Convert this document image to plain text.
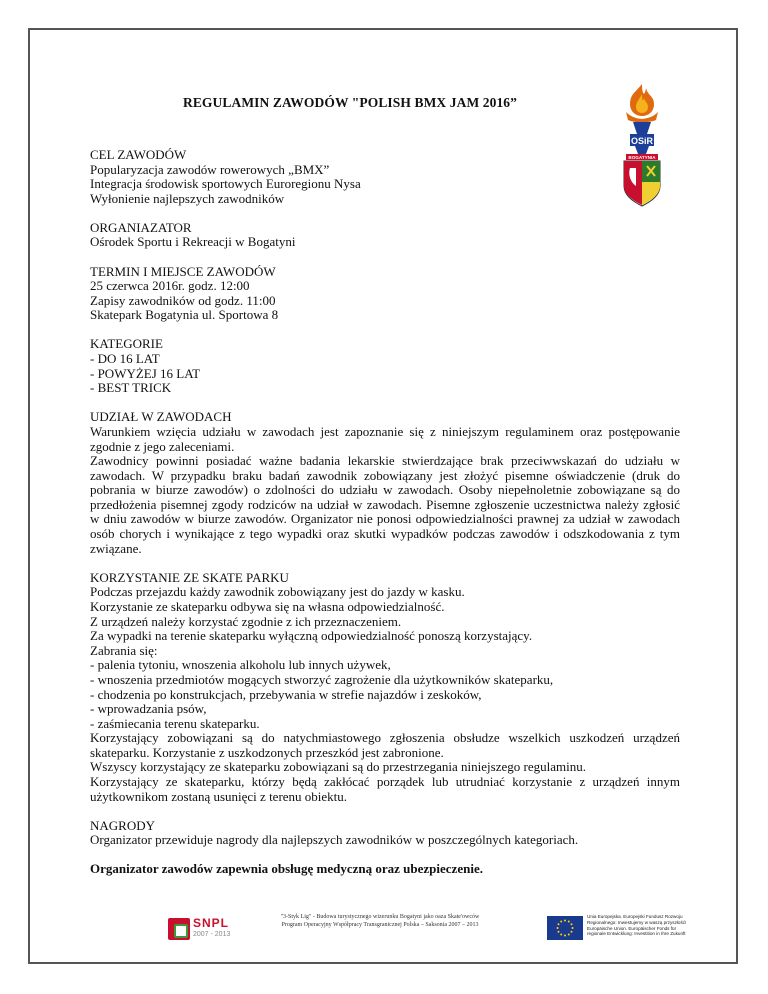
REGULAMIN ZAWODÓW "POLISH BMX JAM 2016”
OSiR
BOGATYNIA

CEL ZAWODÓW

Popularyzacja zawodów rowerowych „BMX”

Integracja środowisk sportowych Euroregionu Nysa

Wyłonienie najlepszych zawodników

ORGANIAZATOR

Ośrodek Sportu i Rekreacji w Bogatyni

TERMIN I MIEJSCE ZAWODÓW

25 czerwca 2016r. godz. 12:00

Zapisy zawodników od godz. 11:00

Skatepark Bogatynia ul. Sportowa 8

KATEGORIE

- DO 16 LAT

- POWYŻEJ 16 LAT

- BEST TRICK

UDZIAŁ W ZAWODACH

Warunkiem wzięcia udziału w zawodach jest zapoznanie się z niniejszym regulaminem oraz postępowanie zgodnie z jego zaleceniami.

Zawodnicy powinni posiadać ważne badania lekarskie stwierdzające brak przeciwwskazań do udziału w zawodach. W przypadku braku badań zawodnik zobowiązany jest złożyć pisemne oświadczenie (druk do pobrania w biurze zawodów) o zdolności do udziału w zawodach. Osoby niepełnoletnie zobowiązane są do przedłożenia pisemnej zgody rodziców na udział w zawodach. Pisemne zgłoszenie uczestnictwa należy zgłosić w dniu zawodów w biurze zawodów. Organizator nie ponosi odpowiedzialności prawnej za udział w zawodach osób chorych i wynikające z tego wypadki oraz skutki wypadków podczas zawodów i odszkodowania z tym związane.

KORZYSTANIE ZE SKATE PARKU

Podczas przejazdu każdy zawodnik zobowiązany jest do jazdy w kasku.

Korzystanie ze skateparku odbywa się na własna odpowiedzialność.

Z urządzeń należy korzystać zgodnie z ich przeznaczeniem.

Za wypadki na terenie skateparku wyłączną odpowiedzialność ponoszą korzystający.

Zabrania się:

- palenia tytoniu, wnoszenia alkoholu lub innych używek,

- wnoszenia przedmiotów mogących stworzyć zagrożenie dla użytkowników skateparku,

- chodzenia po konstrukcjach, przebywania w strefie najazdów i zeskoków,

- wprowadzania psów,

- zaśmiecania terenu skateparku.

Korzystający zobowiązani są do natychmiastowego zgłoszenia obsłudze wszelkich uszkodzeń urządzeń skateparku. Korzystanie z uszkodzonych przeszkód jest zabronione.

Wszyscy korzystający ze skateparku zobowiązani są do przestrzegania niniejszego regulaminu.

Korzystający ze skateparku, którzy będą zakłócać porządek lub utrudniać korzystanie z urządzeń innym użytkownikom zostaną usunięci z terenu obiektu.

NAGRODY

Organizator przewiduje nagrody dla najlepszych zawodników w poszczególnych kategoriach.

Organizator zawodów zapewnia obsługę medyczną oraz ubezpieczenie.

SNPL
2007 - 2013
"3-Styk Lig" - Budowa turystycznego wizerunku Bogatyni jako oaza Skate'owców
Program Operacyjny Współpracy Transgranicznej Polska – Saksonia 2007 – 2013
Unia Europejska. Europejski Fundusz Rozwoju
Regionalnego: Inwestujemy w waszą przyszłość!
Europäische Union. Europäischer Fonds für
regionale Entwicklung: Investition in Ihre Zukunft
